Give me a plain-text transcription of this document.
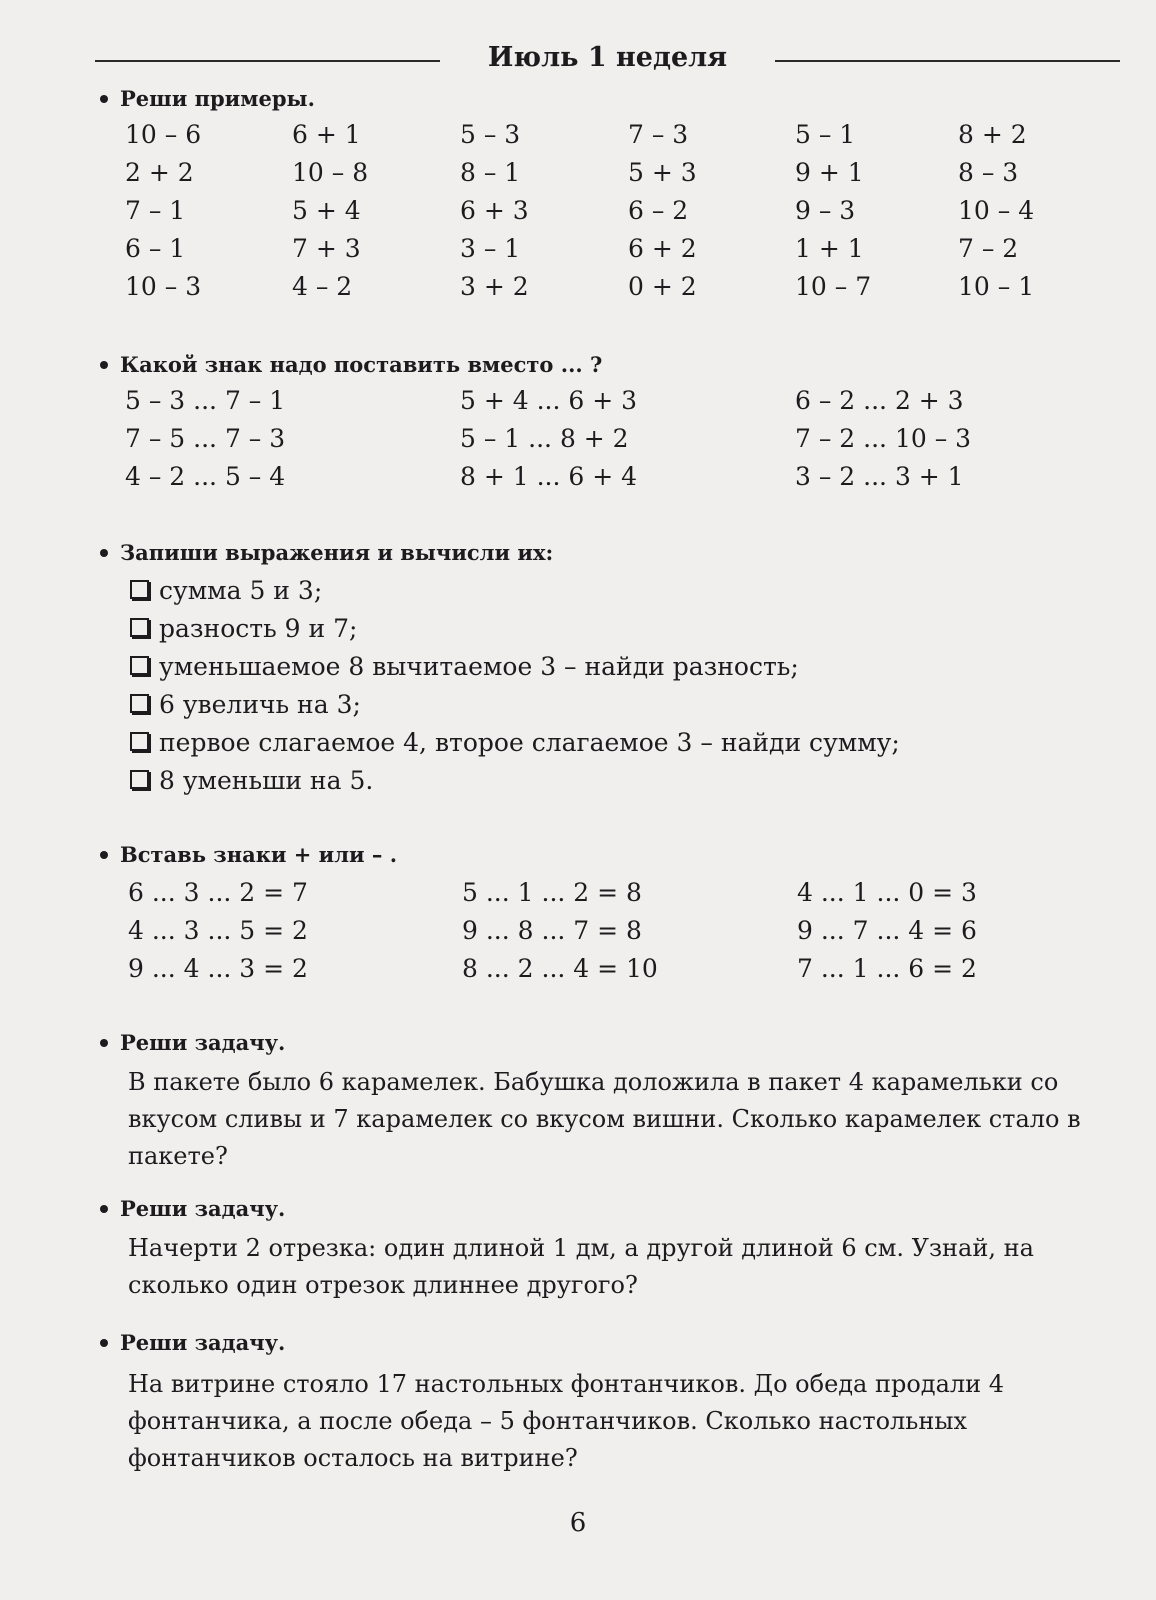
Июль 1 неделя
Реши примеры.
10 – 6	6 + 1	5 – 3	7 – 3	5 – 1	8 + 2
2 + 2	10 – 8	8 – 1	5 + 3	9 + 1	8 – 3
7 – 1	5 + 4	6 + 3	6 – 2	9 – 3	10 – 4
6 – 1	7 + 3	3 – 1	6 + 2	1 + 1	7 – 2
10 – 3	4 – 2	3 + 2	0 + 2	10 – 7	10 – 1
Какой знак надо поставить вместо ... ?
5 – 3 ... 7 – 1	5 + 4 ... 6 + 3	6 – 2 ... 2 + 3
7 – 5 ... 7 – 3	5 – 1 ... 8 + 2	7 – 2 ... 10 – 3
4 – 2 ... 5 – 4	8 + 1 ... 6 + 4	3 – 2 ... 3 + 1
Запиши выражения и вычисли их:
сумма 5 и 3;
разность 9 и 7;
уменьшаемое 8 вычитаемое 3 – найди разность;
6 увеличь на 3;
первое слагаемое 4, второе слагаемое 3 – найди сумму;
8 уменьши на 5.
Вставь знаки + или – .
6 ... 3 ... 2 = 7	5 ... 1 ... 2 = 8	4 ... 1 ... 0 = 3
4 ... 3 ... 5 = 2	9 ... 8 ... 7 = 8	9 ... 7 ... 4 = 6
9 ... 4 ... 3 = 2	8 ... 2 ... 4 = 10	7 ... 1 ... 6 = 2
Реши задачу.
В пакете было 6 карамелек. Бабушка доложила в пакет 4 карамельки со вкусом сливы и 7 карамелек со вкусом вишни. Сколько карамелек стало в пакете?
Реши задачу.
Начерти 2 отрезка: один длиной 1 дм, а другой длиной 6 см. Узнай, на сколько один отрезок длиннее другого?
Реши задачу.
На витрине стояло 17 настольных фонтанчиков. До обеда продали 4 фонтанчика, а после обеда – 5 фонтанчиков. Сколько настольных фонтанчиков осталось на витрине?
6
